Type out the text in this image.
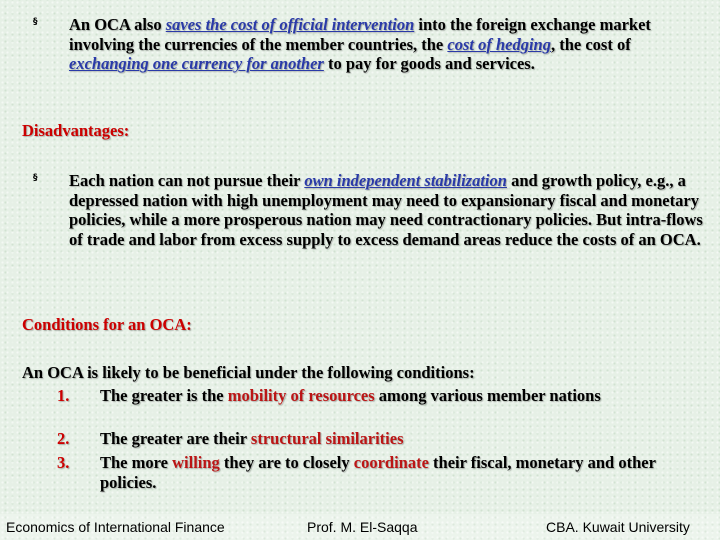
§ An OCA also saves the cost of official intervention into the foreign exchange market involving the currencies of the member countries, the cost of hedging, the cost of exchanging one currency for another to pay for goods and services.
Disadvantages:
§ Each nation can not pursue their own independent stabilization and growth policy, e.g., a depressed nation with high unemployment may need to expansionary fiscal and monetary policies, while a more prosperous nation may need contractionary policies. But intra-flows of trade and labor from excess supply to excess demand areas reduce the costs of an OCA.
Conditions for an OCA:
An OCA is likely to be beneficial under the following conditions:
1.	The greater is the mobility of resources among various member nations
2.	The greater are their structural similarities
3.	The more willing they are to closely coordinate their fiscal, monetary and other policies.
Economics of International Finance	Prof. M. El-Saqqa	CBA. Kuwait University
